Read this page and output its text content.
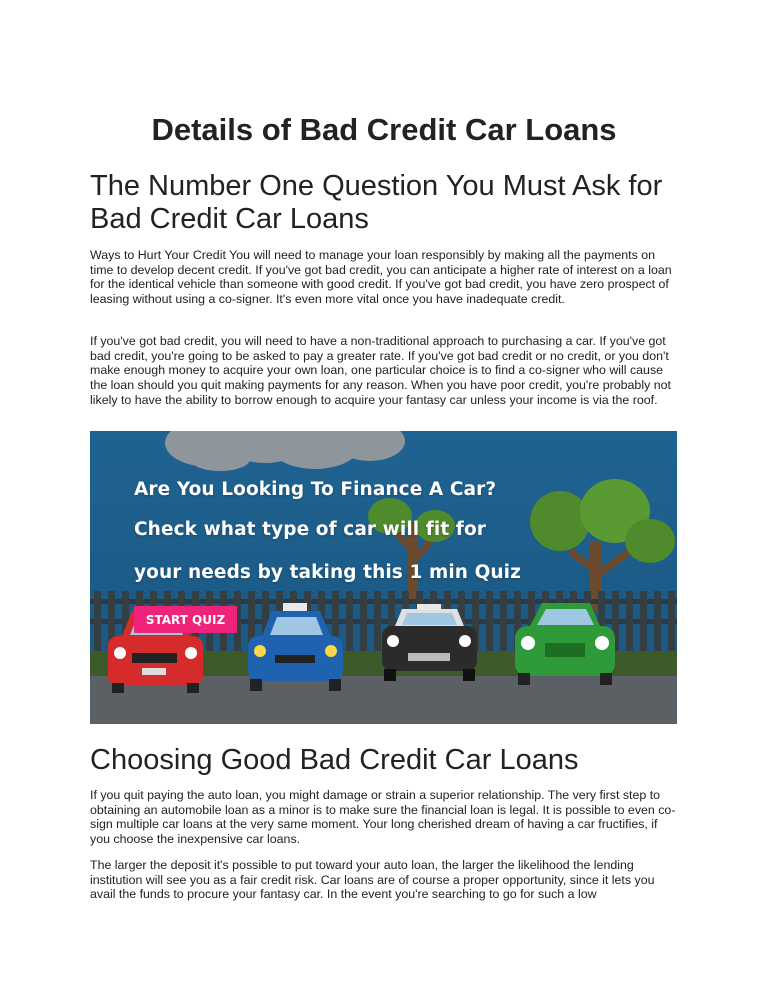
Details of Bad Credit Car Loans
The Number One Question You Must Ask for Bad Credit Car Loans

Ways to Hurt Your Credit You will need to manage your loan responsibly by making all the payments on time to develop decent credit. If you've got bad credit, you can anticipate a higher rate of interest on a loan for the identical vehicle than someone with good credit. If you've got bad credit, you have zero prospect of leasing without using a co-signer. It's even more vital once you have inadequate credit.

If you've got bad credit, you will need to have a non-traditional approach to purchasing a car. If you've got bad credit, you're going to be asked to pay a greater rate. If you've got bad credit or no credit, or you don't make enough money to acquire your own loan, one particular choice is to find a co-signer who will cause the loan should you quit making payments for any reason. When you have poor credit, you're probably not likely to have the ability to borrow enough to acquire your fantasy car unless your income is via the roof.

Are You Looking To Finance A Car?
Check what type of car will fit for
your needs by taking this 1 min Quiz
START QUIZ
Choosing Good Bad Credit Car Loans

If you quit paying the auto loan, you might damage or strain a superior relationship. The very first step to obtaining an automobile loan as a minor is to make sure the financial loan is legal. It is possible to even co-sign multiple car loans at the very same moment. Your long cherished dream of having a car fructifies, if you choose the inexpensive car loans.

The larger the deposit it's possible to put toward your auto loan, the larger the likelihood the lending institution will see you as a fair credit risk. Car loans are of course a proper opportunity, since it lets you avail the funds to procure your fantasy car. In the event you're searching to go for such a low
